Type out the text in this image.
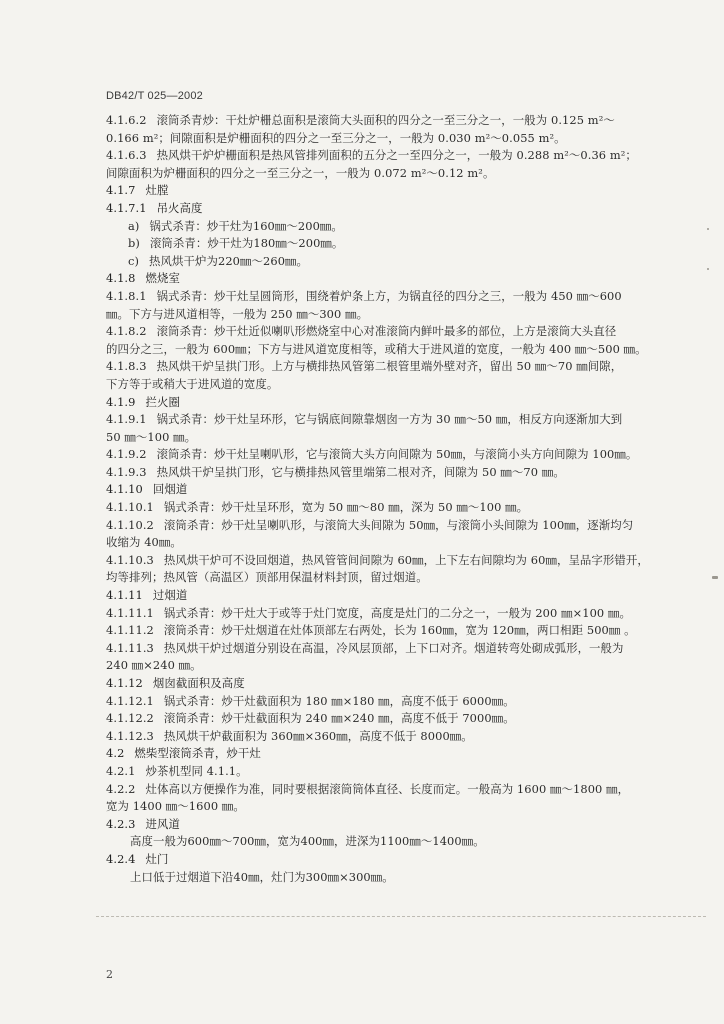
DB42/T 025—2002
4.1.6.2 滚筒杀青炒：干灶炉栅总面积是滚筒大头面积的四分之一至三分之一，一般为 0.125 m²～
0.166 m²；间隙面积是炉栅面积的四分之一至三分之一，一般为 0.030 m²～0.055 m²。
4.1.6.3 热风烘干炉炉栅面积是热风管排列面积的五分之一至四分之一，一般为 0.288 m²～0.36 m²；
间隙面积为炉栅面积的四分之一至三分之一，一般为 0.072 m²～0.12 m²。
4.1.7 灶膛
4.1.7.1 吊火高度
a) 锅式杀青：炒干灶为160㎜～200㎜。
b) 滚筒杀青：炒干灶为180㎜～200㎜。
c) 热风烘干炉为220㎜～260㎜。
4.1.8 燃烧室
4.1.8.1 锅式杀青：炒干灶呈圆筒形，围绕着炉条上方，为锅直径的四分之三，一般为 450 ㎜～600
㎜。下方与进风道相等，一般为 250 ㎜～300 ㎜。
4.1.8.2 滚筒杀青：炒干灶近似喇叭形燃烧室中心对准滚筒内鲜叶最多的部位，上方是滚筒大头直径
的四分之三，一般为 600㎜；下方与进风道宽度相等，或稍大于进风道的宽度，一般为 400 ㎜～500 ㎜。
4.1.8.3 热风烘干炉呈拱门形。上方与横排热风管第二根管里端外壁对齐，留出 50 ㎜～70 ㎜间隙，
下方等于或稍大于进风道的宽度。
4.1.9 拦火圈
4.1.9.1 锅式杀青：炒干灶呈环形，它与锅底间隙靠烟囱一方为 30 ㎜～50 ㎜，相反方向逐渐加大到
50 ㎜～100 ㎜。
4.1.9.2 滚筒杀青：炒干灶呈喇叭形，它与滚筒大头方向间隙为 50㎜，与滚筒小头方向间隙为 100㎜。
4.1.9.3 热风烘干炉呈拱门形，它与横排热风管里端第二根对齐，间隙为 50 ㎜～70 ㎜。
4.1.10 回烟道
4.1.10.1 锅式杀青：炒干灶呈环形，宽为 50 ㎜～80 ㎜，深为 50 ㎜～100 ㎜。
4.1.10.2 滚筒杀青：炒干灶呈喇叭形，与滚筒大头间隙为 50㎜，与滚筒小头间隙为 100㎜，逐渐均匀
收缩为 40㎜。
4.1.10.3 热风烘干炉可不设回烟道，热风管管间间隙为 60㎜，上下左右间隙均为 60㎜，呈品字形错开，
均等排列；热风管（高温区）顶部用保温材料封顶，留过烟道。
4.1.11 过烟道
4.1.11.1 锅式杀青：炒干灶大于或等于灶门宽度，高度是灶门的二分之一，一般为 200 ㎜×100 ㎜。
4.1.11.2 滚筒杀青：炒干灶烟道在灶体顶部左右两处，长为 160㎜，宽为 120㎜，两口相距 500㎜ 。
4.1.11.3 热风烘干炉过烟道分别设在高温，冷风层顶部，上下口对齐。烟道转弯处砌成弧形，一般为
240 ㎜×240 ㎜。
4.1.12 烟囱截面积及高度
4.1.12.1 锅式杀青：炒干灶截面积为 180 ㎜×180 ㎜，高度不低于 6000㎜。
4.1.12.2 滚筒杀青：炒干灶截面积为 240 ㎜×240 ㎜，高度不低于 7000㎜。
4.1.12.3 热风烘干炉截面积为 360㎜×360㎜，高度不低于 8000㎜。
4.2 燃柴型滚筒杀青，炒干灶
4.2.1 炒茶机型同 4.1.1。
4.2.2 灶体高以方便操作为准，同时要根据滚筒筒体直径、长度而定。一般高为 1600 ㎜～1800 ㎜，
宽为 1400 ㎜～1600 ㎜。
4.2.3 进风道
高度一般为600㎜～700㎜，宽为400㎜，进深为1100㎜～1400㎜。
4.2.4 灶门
上口低于过烟道下沿40㎜，灶门为300㎜×300㎜。
2
